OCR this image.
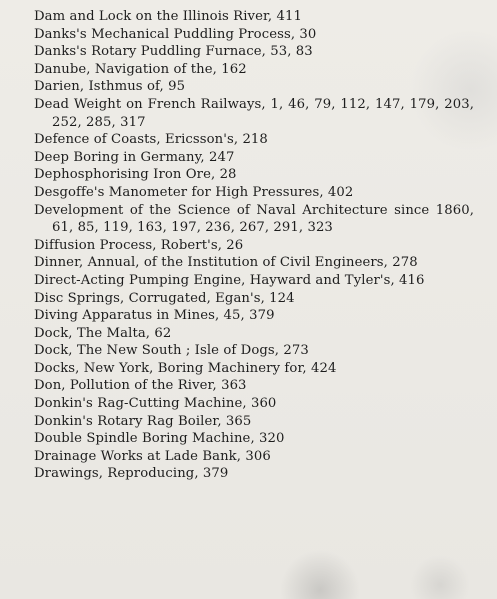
Dam and Lock on the Illinois River, 411
Danks's Mechanical Puddling Process, 30
Danks's Rotary Puddling Furnace, 53, 83
Danube, Navigation of the, 162
Darien, Isthmus of, 95
Dead Weight on French Railways, 1, 46, 79, 112, 147, 179, 203, 252, 285, 317
Defence of Coasts, Ericsson's, 218
Deep Boring in Germany, 247
Dephosphorising Iron Ore, 28
Desgoffe's Manometer for High Pressures, 402
Development of the Science of Naval Architecture since 1860, 61, 85, 119, 163, 197, 236, 267, 291, 323
Diffusion Process, Robert's, 26
Dinner, Annual, of the Institution of Civil Engineers, 278
Direct-Acting Pumping Engine, Hayward and Tyler's, 416
Disc Springs, Corrugated, Egan's, 124
Diving Apparatus in Mines, 45, 379
Dock, The Malta, 62
Dock, The New South ; Isle of Dogs, 273
Docks, New York, Boring Machinery for, 424
Don, Pollution of the River, 363
Donkin's Rag-Cutting Machine, 360
Donkin's Rotary Rag Boiler, 365
Double Spindle Boring Machine, 320
Drainage Works at Lade Bank, 306
Drawings, Reproducing, 379
